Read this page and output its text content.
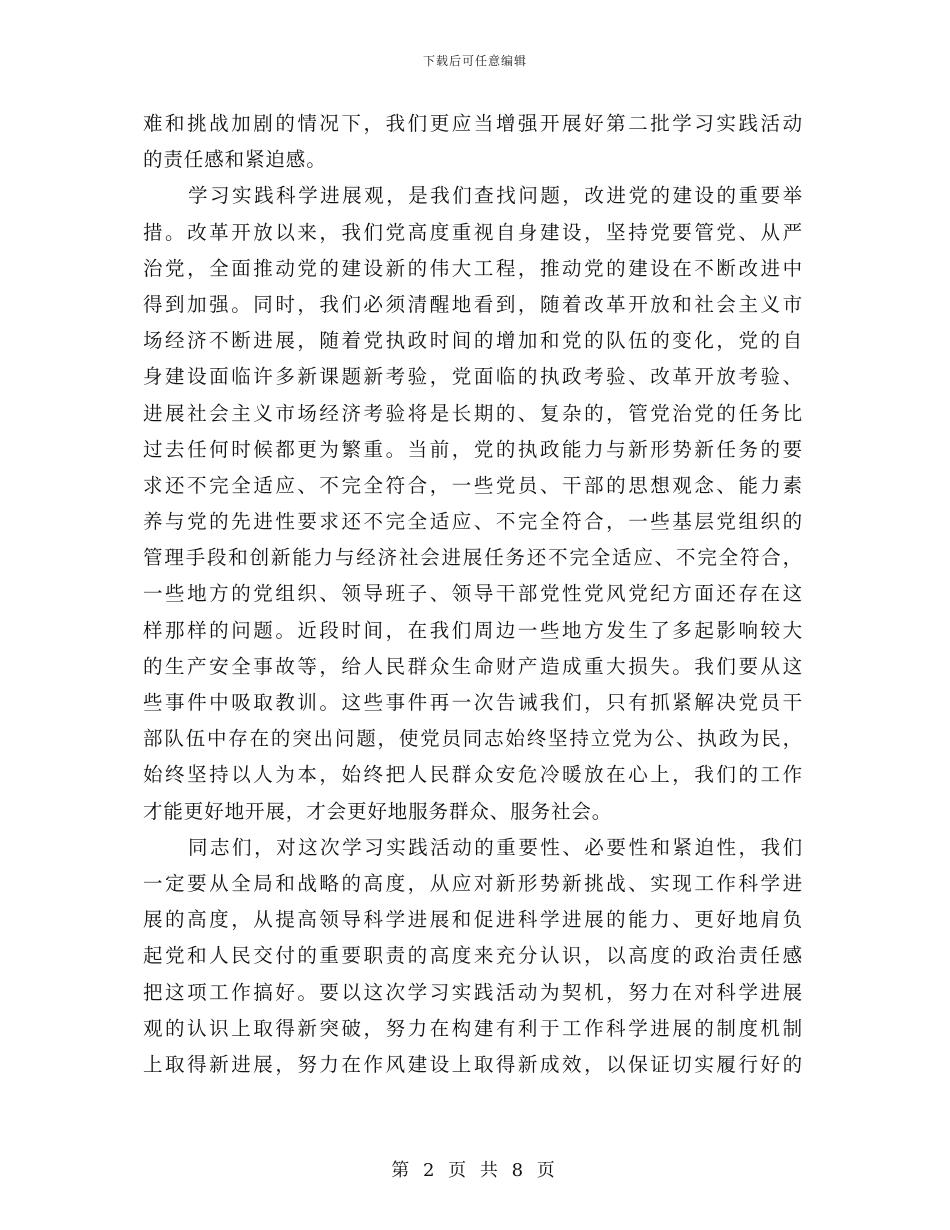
下载后可任意编辑
难和挑战加剧的情况下，我们更应当增强开展好第二批学习实践活动
的责任感和紧迫感。
学习实践科学进展观，是我们查找问题，改进党的建设的重要举
措。改革开放以来，我们党高度重视自身建设，坚持党要管党、从严
治党，全面推动党的建设新的伟大工程，推动党的建设在不断改进中
得到加强。同时，我们必须清醒地看到，随着改革开放和社会主义市
场经济不断进展，随着党执政时间的增加和党的队伍的变化，党的自
身建设面临许多新课题新考验，党面临的执政考验、改革开放考验、
进展社会主义市场经济考验将是长期的、复杂的，管党治党的任务比
过去任何时候都更为繁重。当前，党的执政能力与新形势新任务的要
求还不完全适应、不完全符合，一些党员、干部的思想观念、能力素
养与党的先进性要求还不完全适应、不完全符合，一些基层党组织的
管理手段和创新能力与经济社会进展任务还不完全适应、不完全符合，
一些地方的党组织、领导班子、领导干部党性党风党纪方面还存在这
样那样的问题。近段时间，在我们周边一些地方发生了多起影响较大
的生产安全事故等，给人民群众生命财产造成重大损失。我们要从这
些事件中吸取教训。这些事件再一次告诫我们，只有抓紧解决党员干
部队伍中存在的突出问题，使党员同志始终坚持立党为公、执政为民，
始终坚持以人为本，始终把人民群众安危冷暖放在心上，我们的工作
才能更好地开展，才会更好地服务群众、服务社会。
同志们，对这次学习实践活动的重要性、必要性和紧迫性，我们
一定要从全局和战略的高度，从应对新形势新挑战、实现工作科学进
展的高度，从提高领导科学进展和促进科学进展的能力、更好地肩负
起党和人民交付的重要职责的高度来充分认识，以高度的政治责任感
把这项工作搞好。要以这次学习实践活动为契机，努力在对科学进展
观的认识上取得新突破，努力在构建有利于工作科学进展的制度机制
上取得新进展，努力在作风建设上取得新成效，以保证切实履行好的
第 2 页 共 8 页
